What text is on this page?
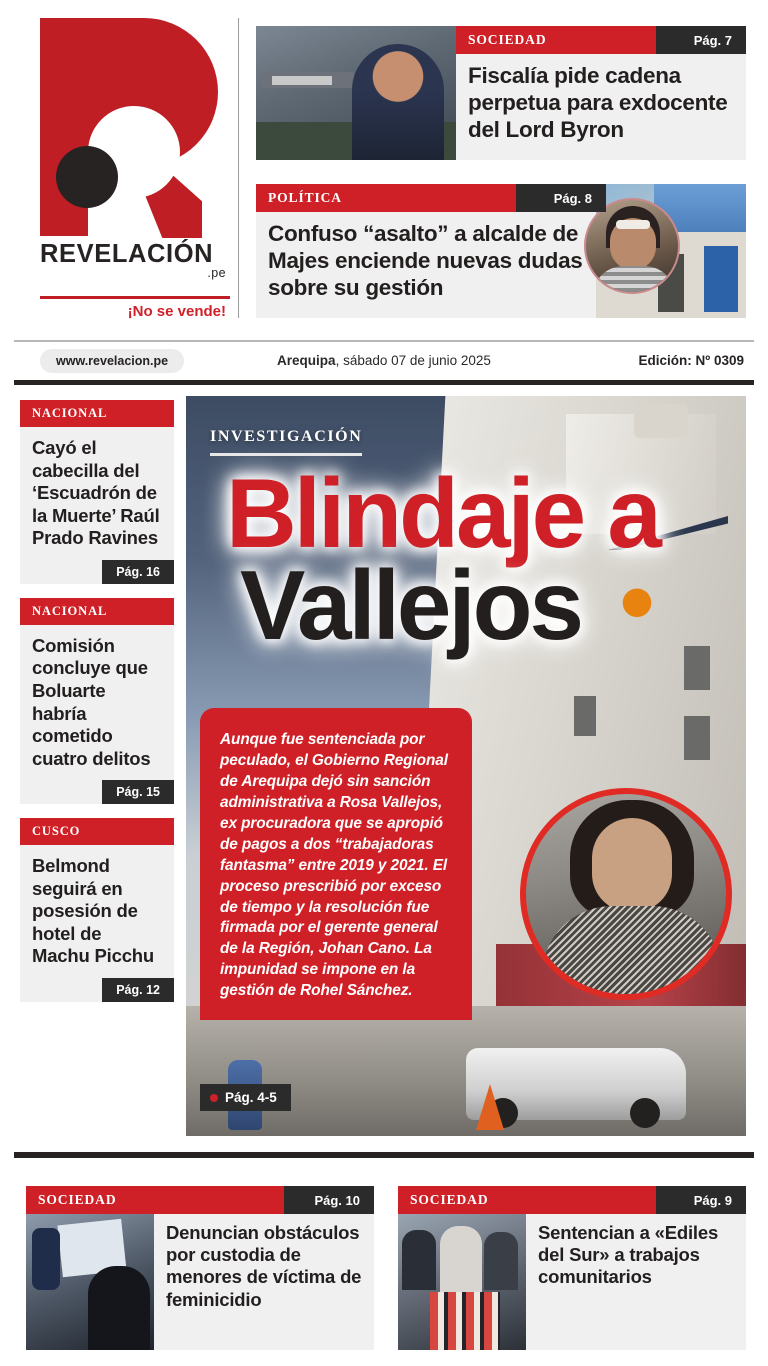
REVELACIÓN
.pe
¡No se vende!
SOCIEDAD	Pág. 7
Fiscalía pide cadena perpetua para exdocente del Lord Byron
POLÍTICA	Pág. 8
Confuso “asalto” a alcalde de Majes enciende nuevas dudas sobre su gestión
www.revelacion.pe	Arequipa, sábado 07 de junio 2025	Edición: Nº 0309
NACIONAL
Cayó el cabecilla del ‘Escuadrón de la Muerte’ Raúl Prado Ravines
Pág. 16
NACIONAL
Comisión concluye que Boluarte habría cometido cuatro delitos
Pág. 15
CUSCO
Belmond seguirá en posesión de hotel de Machu Picchu
Pág. 12
INVESTIGACIÓN
Blindaje a
Vallejos
Aunque fue sentenciada por peculado, el Gobierno Regional de Arequipa dejó sin sanción administrativa a Rosa Vallejos, ex procuradora que se apropió de pagos a dos “trabajadoras fantasma” entre 2019 y 2021. El proceso prescribió por exceso de tiempo y la resolución fue firmada por el gerente general de la Región, Johan Cano. La impunidad se impone en la gestión de Rohel Sánchez.
Pág. 4-5
SOCIEDAD	Pág. 10
Denuncian obstáculos por custodia de menores de víctima de feminicidio
SOCIEDAD	Pág. 9
Sentencian a «Ediles del Sur» a trabajos comunitarios
